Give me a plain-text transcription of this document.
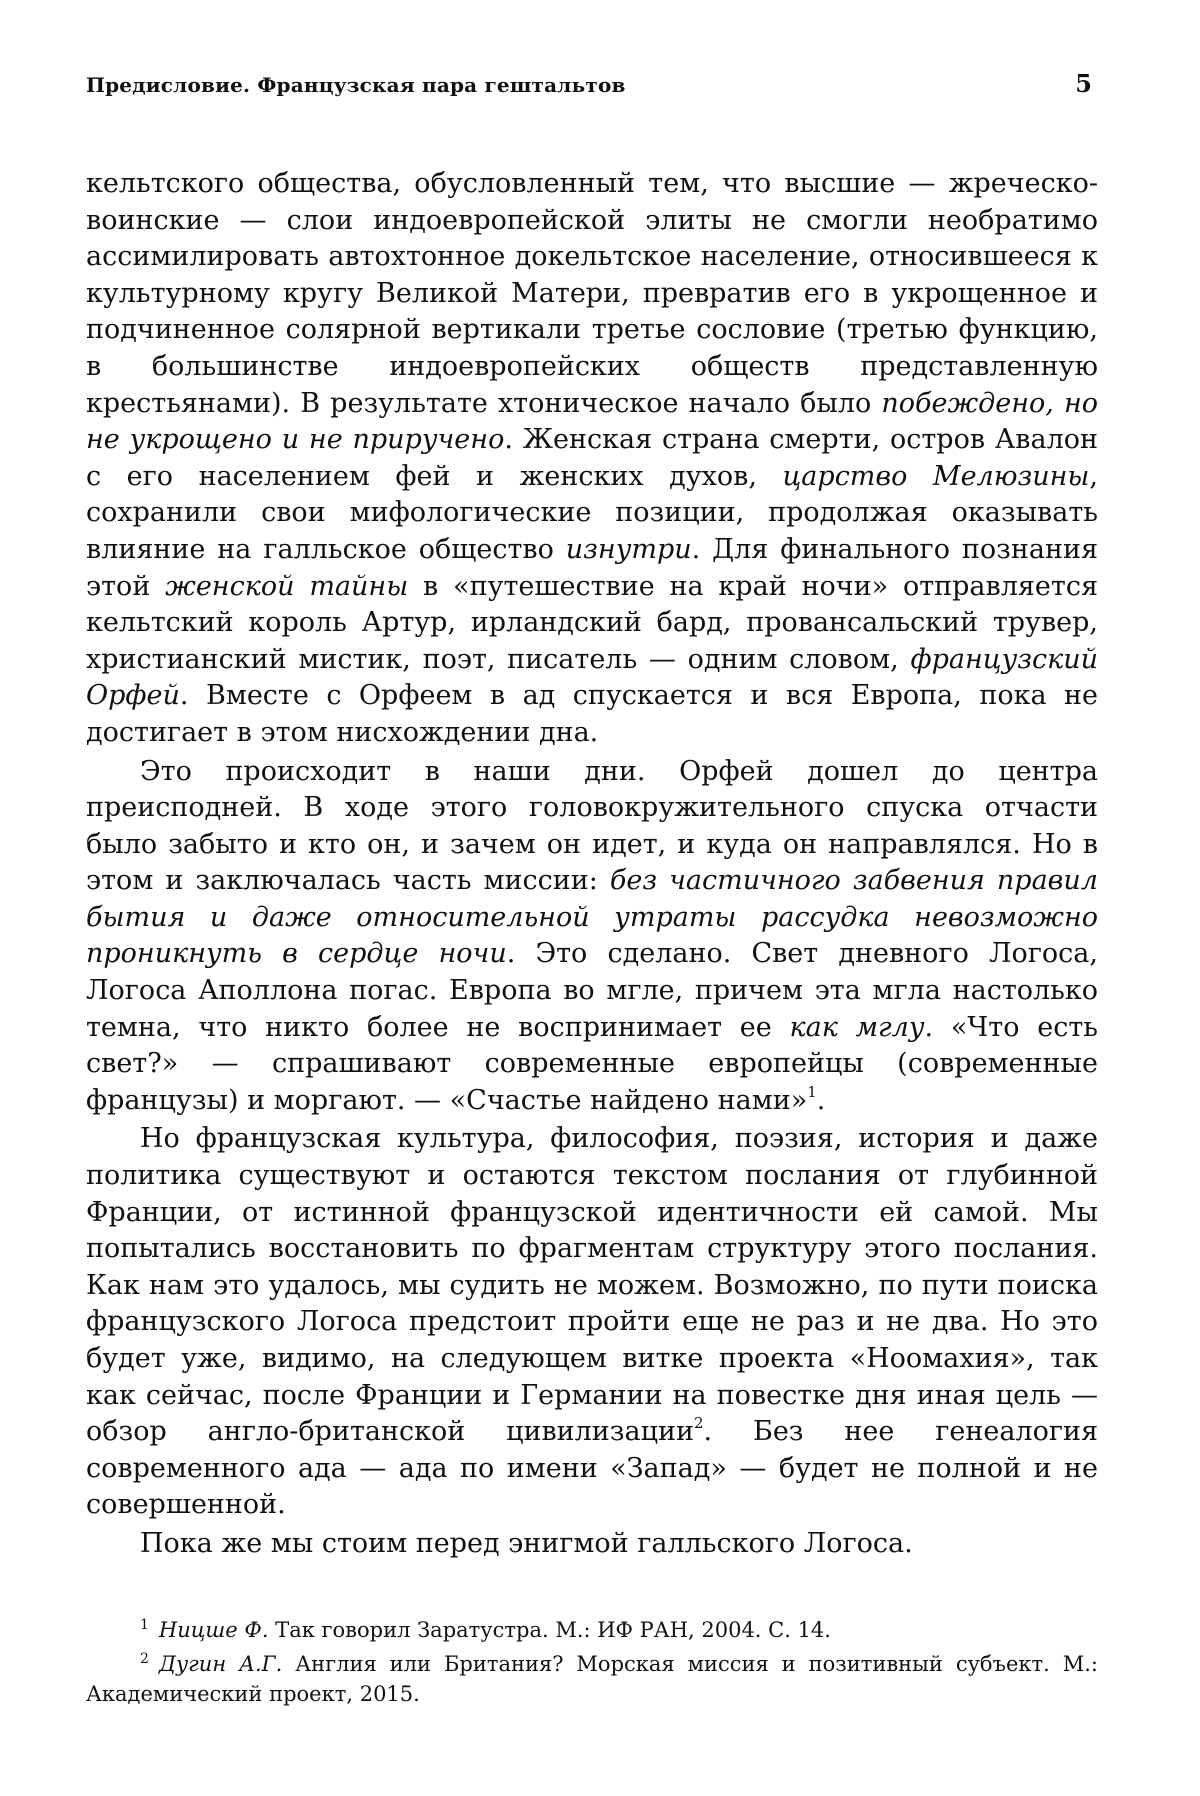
Предисловие. Французская пара гештальтов	5

кельтского общества, обусловленный тем, что высшие — жреческо-воинские — слои индоевропейской элиты не смогли необратимо ассимилировать автохтонное докельтское население, относившееся к культурному кругу Великой Матери, превратив его в укрощенное и подчиненное солярной вертикали третье сословие (третью функцию, в большинстве индоевропейских обществ представленную крестьянами). В результате хтоническое начало было побеждено, но не укрощено и не приручено. Женская страна смерти, остров Авалон с его населением фей и женских духов, царство Мелюзины, сохранили свои мифологические позиции, продолжая оказывать влияние на галльское общество изнутри. Для финального познания этой женской тайны в «путешествие на край ночи» отправляется кельтский король Артур, ирландский бард, провансальский трувер, христианский мистик, поэт, писатель — одним словом, французский Орфей. Вместе с Орфеем в ад спускается и вся Европа, пока не достигает в этом нисхождении дна.

Это происходит в наши дни. Орфей дошел до центра преисподней. В ходе этого головокружительного спуска отчасти было забыто и кто он, и зачем он идет, и куда он направлялся. Но в этом и заключалась часть миссии: без частичного забвения правил бытия и даже относительной утраты рассудка невозможно проникнуть в сердце ночи. Это сделано. Свет дневного Логоса, Логоса Аполлона погас. Европа во мгле, причем эта мгла настолько темна, что никто более не воспринимает ее как мглу. «Что есть свет?» — спрашивают современные европейцы (современные французы) и моргают. — «Счастье найдено нами»$^1$.

Но французская культура, философия, поэзия, история и даже политика существуют и остаются текстом послания от глубинной Франции, от истинной французской идентичности ей самой. Мы попытались восстановить по фрагментам структуру этого послания. Как нам это удалось, мы судить не можем. Возможно, по пути поиска французского Логоса предстоит пройти еще не раз и не два. Но это будет уже, видимо, на следующем витке проекта «Ноомахия», так как сейчас, после Франции и Германии на повестке дня иная цель — обзор англо-британской цивилизации$^2$. Без нее генеалогия современного ада — ада по имени «Запад» — будет не полной и не совершенной.

Пока же мы стоим перед энигмой галльского Логоса.

$^1$ Ницше Ф. Так говорил Заратустра. М.: ИФ РАН, 2004. С. 14.

$^2$ Дугин А.Г. Англия или Британия? Морская миссия и позитивный субъект. М.: Академический проект, 2015.
